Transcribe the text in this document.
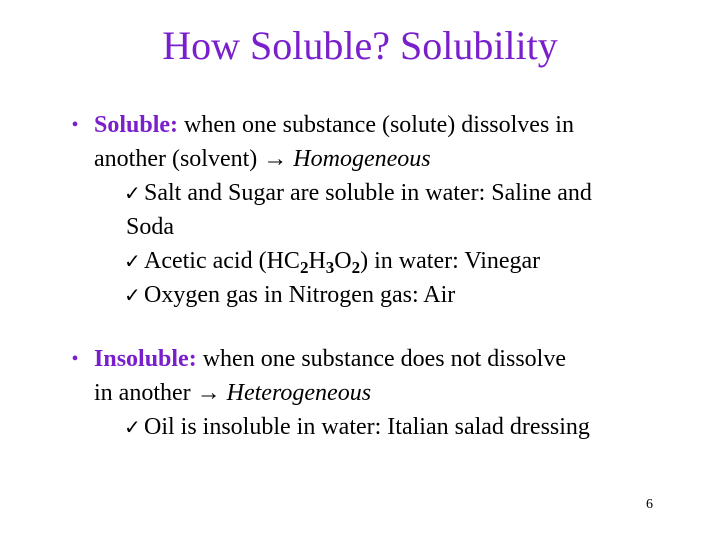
How Soluble? Solubility
• Soluble: when one substance (solute) dissolves in
another (solvent) → Homogeneous
✓ Salt and Sugar are soluble in water: Saline and
Soda
✓ Acetic acid $(HC_2H_3O_2)$ in water: Vinegar
✓ Oxygen gas in Nitrogen gas: Air
• Insoluble: when one substance does not dissolve
in another → Heterogeneous
✓ Oil is insoluble in water: Italian salad dressing
6
